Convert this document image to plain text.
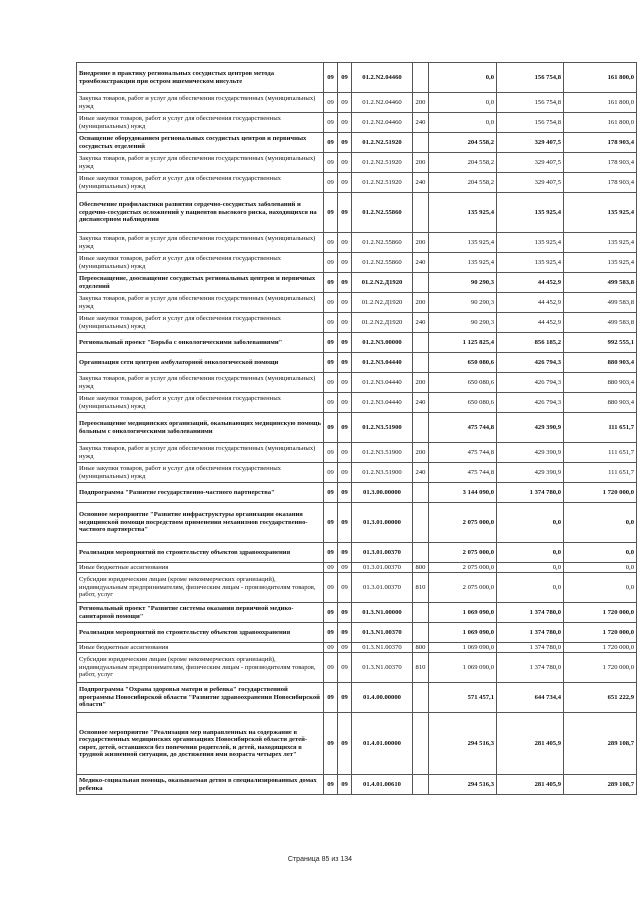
Внедрение в практику региональных сосудистых центров метода тромбоэкстракции при остром ишемическом инсульте	09	09	01.2.N2.04460		0,0	156 754,8	161 800,0
Закупка товаров, работ и услуг для обеспечения государственных (муниципальных) нужд	09	09	01.2.N2.04460	200	0,0	156 754,8	161 800,0
Иные закупки товаров, работ и услуг для обеспечения государственных (муниципальных) нужд	09	09	01.2.N2.04460	240	0,0	156 754,8	161 800,0
Оснащение оборудованием региональных сосудистых центров и первичных сосудистых отделений	09	09	01.2.N2.51920		204 558,2	329 407,5	178 903,4
Закупка товаров, работ и услуг для обеспечения государственных (муниципальных) нужд	09	09	01.2.N2.51920	200	204 558,2	329 407,5	178 903,4
Иные закупки товаров, работ и услуг для обеспечения государственных (муниципальных) нужд	09	09	01.2.N2.51920	240	204 558,2	329 407,5	178 903,4
Обеспечение профилактики развития сердечно-сосудистых заболеваний и сердечно-сосудистых осложнений у пациентов высокого риска, находящихся на диспансерном наблюдении	09	09	01.2.N2.55860		135 925,4	135 925,4	135 925,4
Закупка товаров, работ и услуг для обеспечения государственных (муниципальных) нужд	09	09	01.2.N2.55860	200	135 925,4	135 925,4	135 925,4
Иные закупки товаров, работ и услуг для обеспечения государственных (муниципальных) нужд	09	09	01.2.N2.55860	240	135 925,4	135 925,4	135 925,4
Переоснащение, дооснащение сосудистых региональных центров и первичных отделений	09	09	01.2.N2.Д1920		90 290,3	44 452,9	499 583,8
Закупка товаров, работ и услуг для обеспечения государственных (муниципальных) нужд	09	09	01.2.N2.Д1920	200	90 290,3	44 452,9	499 583,8
Иные закупки товаров, работ и услуг для обеспечения государственных (муниципальных) нужд	09	09	01.2.N2.Д1920	240	90 290,3	44 452,9	499 583,8
Региональный проект "Борьба с онкологическими заболеваниями"	09	09	01.2.N3.00000		1 125 825,4	856 185,2	992 555,1
Организация сети центров амбулаторной онкологической помощи	09	09	01.2.N3.04440		650 080,6	426 794,3	880 903,4
Закупка товаров, работ и услуг для обеспечения государственных (муниципальных) нужд	09	09	01.2.N3.04440	200	650 080,6	426 794,3	880 903,4
Иные закупки товаров, работ и услуг для обеспечения государственных (муниципальных) нужд	09	09	01.2.N3.04440	240	650 080,6	426 794,3	880 903,4
Переоснащение медицинских организаций, оказывающих медицинскую помощь больным с онкологическими заболеваниями	09	09	01.2.N3.51900		475 744,8	429 390,9	111 651,7
Закупка товаров, работ и услуг для обеспечения государственных (муниципальных) нужд	09	09	01.2.N3.51900	200	475 744,8	429 390,9	111 651,7
Иные закупки товаров, работ и услуг для обеспечения государственных (муниципальных) нужд	09	09	01.2.N3.51900	240	475 744,8	429 390,9	111 651,7
Подпрограмма "Развитие государственно-частного партнерства"	09	09	01.3.00.00000		3 144 090,0	1 374 780,0	1 720 000,0
Основное мероприятие "Развитие инфраструктуры организации оказания медицинской помощи посредством применения механизмов государственно-частного партнерства"	09	09	01.3.01.00000		2 075 000,0	0,0	0,0
Реализация мероприятий по строительству объектов здравоохранения	09	09	01.3.01.00370		2 075 000,0	0,0	0,0
Иные бюджетные ассигнования	09	09	01.3.01.00370	800	2 075 000,0	0,0	0,0
Субсидии юридическим лицам (кроме некоммерческих организаций), индивидуальным предпринимателям, физическим лицам - производителям товаров, работ, услуг	09	09	01.3.01.00370	810	2 075 000,0	0,0	0,0
Региональный проект "Развитие системы оказания первичной медико-санитарной помощи"	09	09	01.3.N1.00000		1 069 090,0	1 374 780,0	1 720 000,0
Реализация мероприятий по строительству объектов здравоохранения	09	09	01.3.N1.00370		1 069 090,0	1 374 780,0	1 720 000,0
Иные бюджетные ассигнования	09	09	01.3.N1.00370	800	1 069 090,0	1 374 780,0	1 720 000,0
Субсидии юридическим лицам (кроме некоммерческих организаций), индивидуальным предпринимателям, физическим лицам - производителям товаров, работ, услуг	09	09	01.3.N1.00370	810	1 069 090,0	1 374 780,0	1 720 000,0
Подпрограмма "Охрана здоровья матери и ребенка" государственной программы Новосибирской области "Развитие здравоохранения Новосибирской области"	09	09	01.4.00.00000		571 457,1	644 734,4	651 222,9
Основное мероприятие "Реализация мер направленных на содержание в государственных медицинских организациях Новосибирской области детей-сирот, детей, оставшихся без попечения родителей, и детей, находящихся в трудной жизненной ситуации, до достижения ими возраста четырех лет"	09	09	01.4.01.00000		294 516,3	281 405,9	289 108,7
Медико-социальная помощь, оказываемая детям в специализированных домах ребенка	09	09	01.4.01.00610		294 516,3	281 405,9	289 108,7
Страница 85 из 134
